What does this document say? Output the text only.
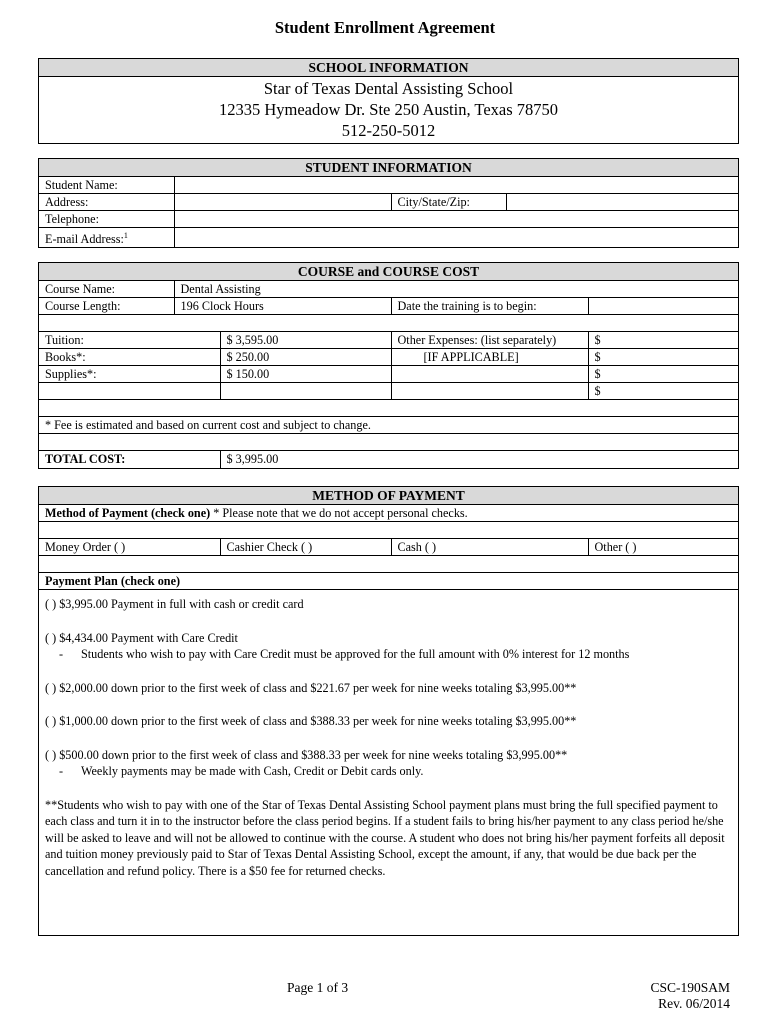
Student Enrollment Agreement
SCHOOL INFORMATION

Star of Texas Dental Assisting School
12335 Hymeadow Dr. Ste 250 Austin, Texas 78750
512-250-5012
STUDENT INFORMATION			
Student Name:			
Address:		City/State/Zip:	
Telephone:			
E-mail Address:$^1$	
COURSE and COURSE COST				
Course Name:	Dental Assisting			
Course Length:	196 Clock Hours		Date the training is to begin:	

Tuition:		$ 3,595.00	Other Expenses: (list separately)	$
Books*:		$ 250.00	[IF APPLICABLE]	$
Supplies*:		$ 150.00		$
				$

* Fee is estimated and based on current cost and subject to change.				

TOTAL COST:		$ 3,995.00		
METHOD OF PAYMENT
Method of Payment (check one) * Please note that we do not accept personal checks.

Money Order ( )	Cashier Check ( )	Cash ( )	Other ( )

Payment Plan (check one)

( ) $3,995.00 Payment in full with cash or credit card

( ) $4,434.00 Payment with Care Credit
- Students who wish to pay with Care Credit must be approved for the full amount with 0% interest for 12 months

( ) $2,000.00 down prior to the first week of class and $221.67 per week for nine weeks totaling $3,995.00**

( ) $1,000.00 down prior to the first week of class and $388.33 per week for nine weeks totaling $3,995.00**

( ) $500.00 down prior to the first week of class and $388.33 per week for nine weeks totaling $3,995.00**
- Weekly payments may be made with Cash, Credit or Debit cards only.

**Students who wish to pay with one of the Star of Texas Dental Assisting School payment plans must bring the full specified payment to each class and turn it in to the instructor before the class period begins. If a student fails to bring his/her payment to any class period he/she will be asked to leave and will not be allowed to continue with the course. A student who does not bring his/her payment forfeits all deposit and tuition money previously paid to Star of Texas Dental Assisting School, except the amount, if any, that would be due back per the cancellation and refund policy. There is a $50 fee for returned checks.

Page 1 of 3	CSC-190SAM
Rev. 06/2014
